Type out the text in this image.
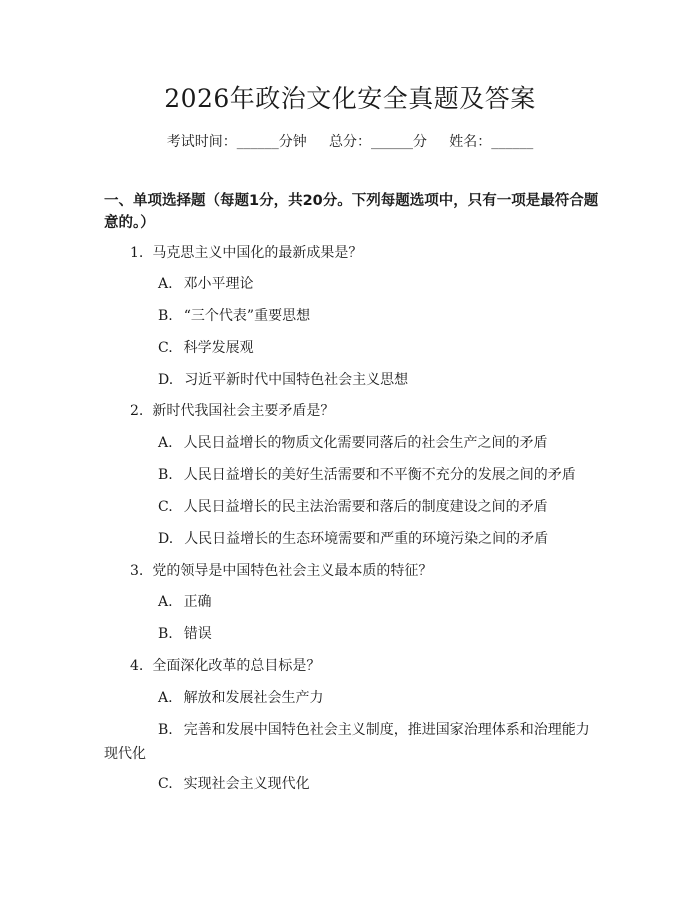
2026年政治文化安全真题及答案
考试时间：______分钟     总分：______分     姓名：______
一、单项选择题（每题1分，共20分。下列每题选项中，只有一项是最符合题意的。）
1. 马克思主义中国化的最新成果是？
A. 邓小平理论
B. “三个代表”重要思想
C. 科学发展观
D. 习近平新时代中国特色社会主义思想
2. 新时代我国社会主要矛盾是？
A. 人民日益增长的物质文化需要同落后的社会生产之间的矛盾
B. 人民日益增长的美好生活需要和不平衡不充分的发展之间的矛盾
C. 人民日益增长的民主法治需要和落后的制度建设之间的矛盾
D. 人民日益增长的生态环境需要和严重的环境污染之间的矛盾
3. 党的领导是中国特色社会主义最本质的特征？
A. 正确
B. 错误
4. 全面深化改革的总目标是？
A. 解放和发展社会生产力
B. 完善和发展中国特色社会主义制度，推进国家治理体系和治理能力现代化
C. 实现社会主义现代化
